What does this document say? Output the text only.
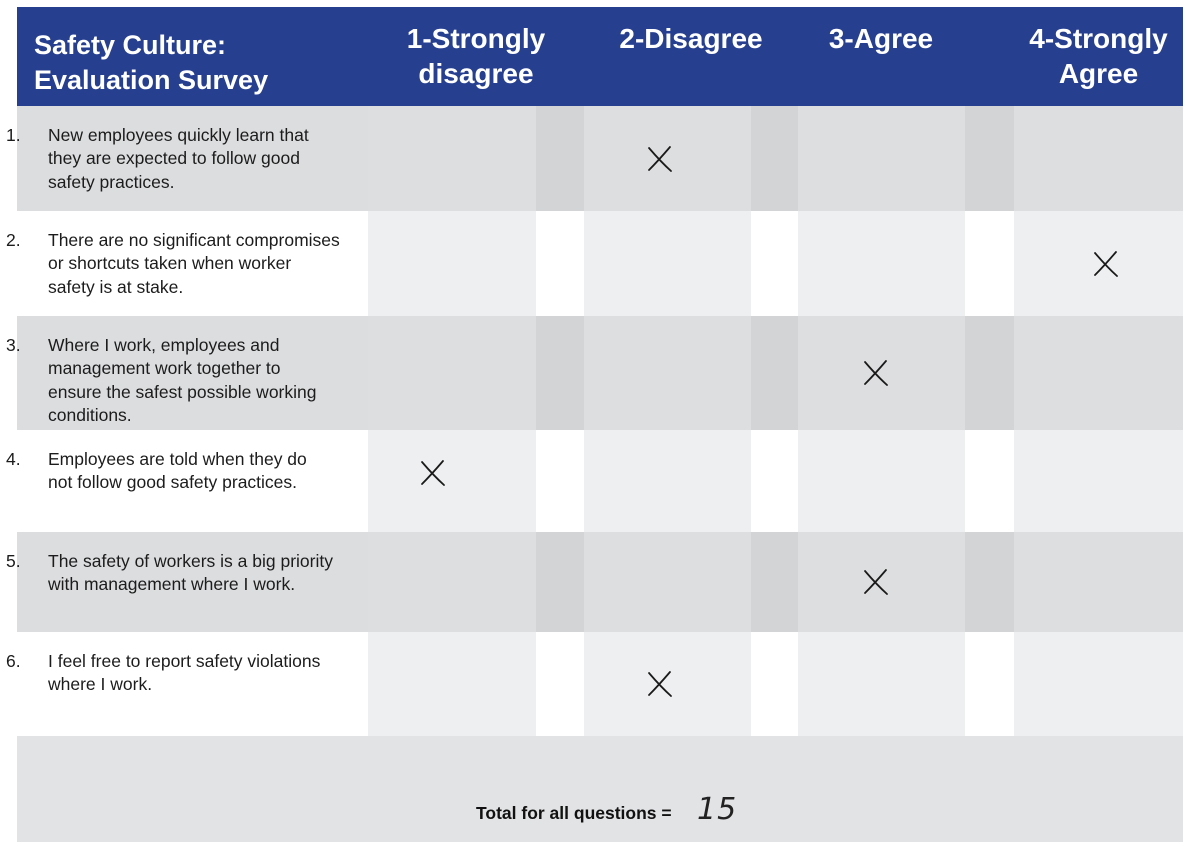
Safety Culture:
Evaluation Survey
1-Strongly
disagree
2-Disagree	3-Agree	4-Strongly
Agree
1. New employees quickly learn that
they are expected to follow good
safety practices.
2. There are no significant compromises
or shortcuts taken when worker
safety is at stake.
3. Where I work, employees and
management work together to
ensure the safest possible working
conditions.
4. Employees are told when they do
not follow good safety practices.
5. The safety of workers is a big priority
with management where I work.
6. I feel free to report safety violations
where I work.
Total for all questions = 15
